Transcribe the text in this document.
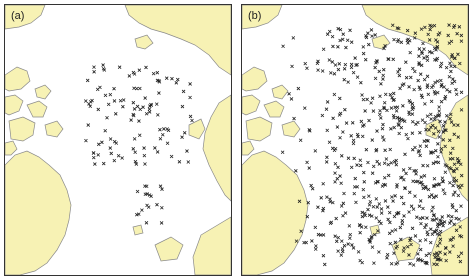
(a)	(b)
